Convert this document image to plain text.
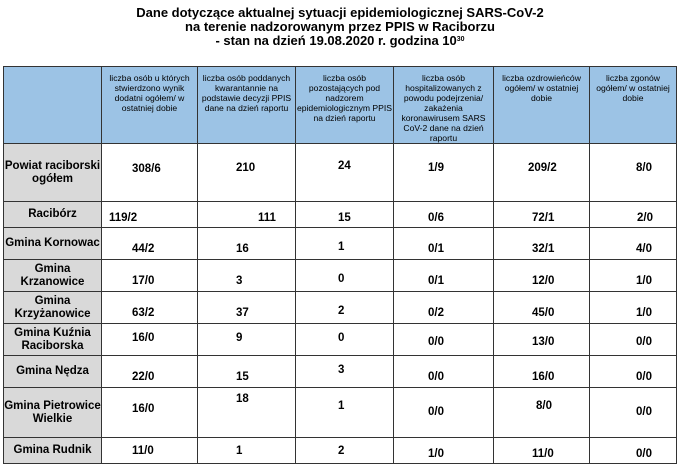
Dane dotyczące aktualnej sytuacji epidemiologicznej SARS-CoV-2
na terenie nadzorowanym przez PPIS w Raciborzu
- stan na dzień 19.08.2020 r. godzina $10^{30}$
	liczba osób u których stwierdzono wynik dodatni ogółem/ w ostatniej dobie	liczba osób poddanych kwarantannie na podstawie decyzji PPIS dane na dzień raportu	liczba osób pozostających pod nadzorem epidemiologicznym PPIS na dzień raportu	liczba osób hospitalizowanych z powodu podejrzenia/ zakażenia koronawirusem SARS CoV-2 dane na dzień raportu	liczba ozdrowieńców ogółem/ w ostatniej dobie	liczba zgonów ogółem/ w ostatniej dobie
Powiat raciborski ogółem	308/6	210	24	1/9	209/2	8/0

Racibórz	119/2	111	15	0/6	72/1	2/0

Gmina Kornowac	44/2	16	1	0/1	32/1	4/0

Gmina Krzanowice	17/0	3	0	0/1	12/0	1/0

Gmina Krzyżanowice	63/2	37	2	0/2	45/0	1/0

Gmina Kuźnia Raciborska	16/0	9	0	0/0	13/0	0/0

Gmina Nędza	22/0	15	3	0/0	16/0	0/0

Gmina Pietrowice Wielkie	16/0	18	1	0/0	8/0	0/0

Gmina Rudnik	11/0	1	2	1/0	11/0	0/0
